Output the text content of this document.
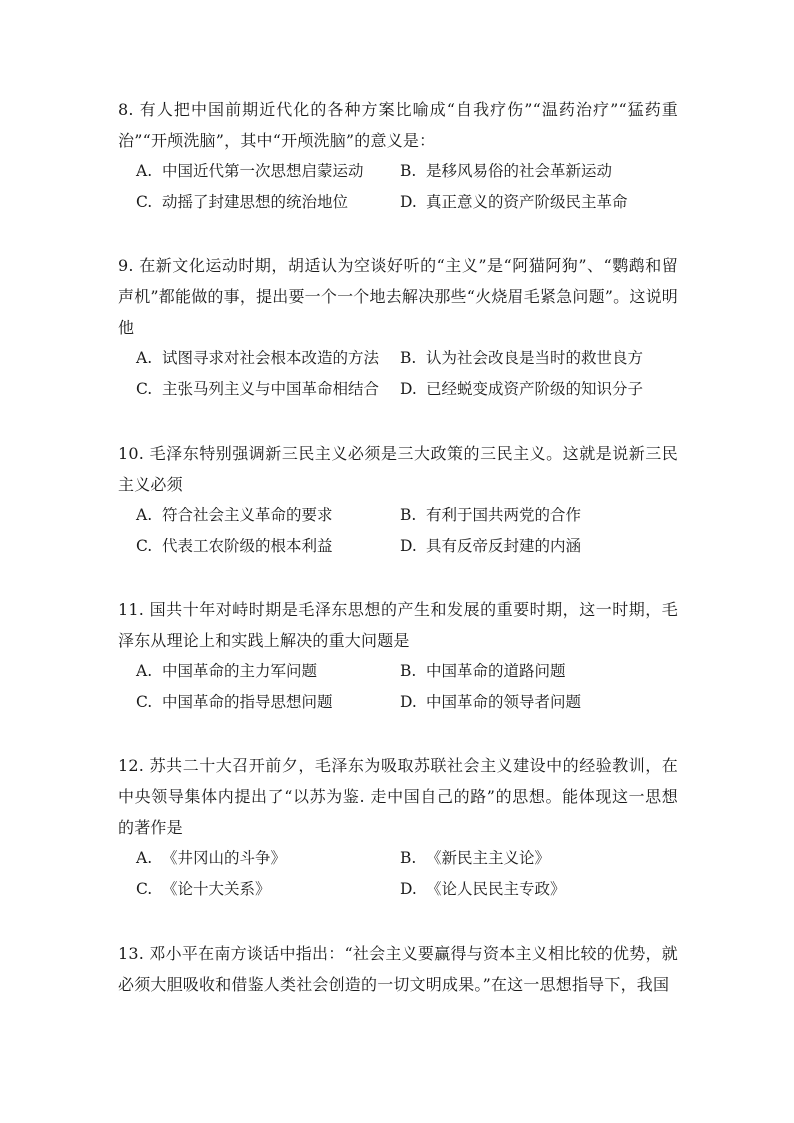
8. 有人把中国前期近代化的各种方案比喻成“自我疗伤”“温药治疗”“猛药重治”“开颅洗脑”，其中“开颅洗脑”的意义是：

A. 中国近代第一次思想启蒙运动	B. 是移风易俗的社会革新运动
C. 动摇了封建思想的统治地位	D. 真正意义的资产阶级民主革命

9. 在新文化运动时期，胡适认为空谈好听的“主义”是“阿猫阿狗”、“鹦鹉和留声机”都能做的事，提出要一个一个地去解决那些“火烧眉毛紧急问题”。这说明他

A. 试图寻求对社会根本改造的方法	B. 认为社会改良是当时的救世良方
C. 主张马列主义与中国革命相结合	D. 已经蜕变成资产阶级的知识分子

10. 毛泽东特别强调新三民主义必须是三大政策的三民主义。这就是说新三民主义必须

A. 符合社会主义革命的要求	B. 有利于国共两党的合作
C. 代表工农阶级的根本利益	D. 具有反帝反封建的内涵

11. 国共十年对峙时期是毛泽东思想的产生和发展的重要时期，这一时期，毛泽东从理论上和实践上解决的重大问题是

A. 中国革命的主力军问题	B. 中国革命的道路问题
C. 中国革命的指导思想问题	D. 中国革命的领导者问题

12. 苏共二十大召开前夕，毛泽东为吸取苏联社会主义建设中的经验教训，在中央领导集体内提出了“以苏为鉴. 走中国自己的路”的思想。能体现这一思想的著作是

A. 《井冈山的斗争》	B. 《新民主主义论》
C. 《论十大关系》	D. 《论人民民主专政》

13. 邓小平在南方谈话中指出：“社会主义要赢得与资本主义相比较的优势，就必须大胆吸收和借鉴人类社会创造的一切文明成果。”在这一思想指导下，我国
